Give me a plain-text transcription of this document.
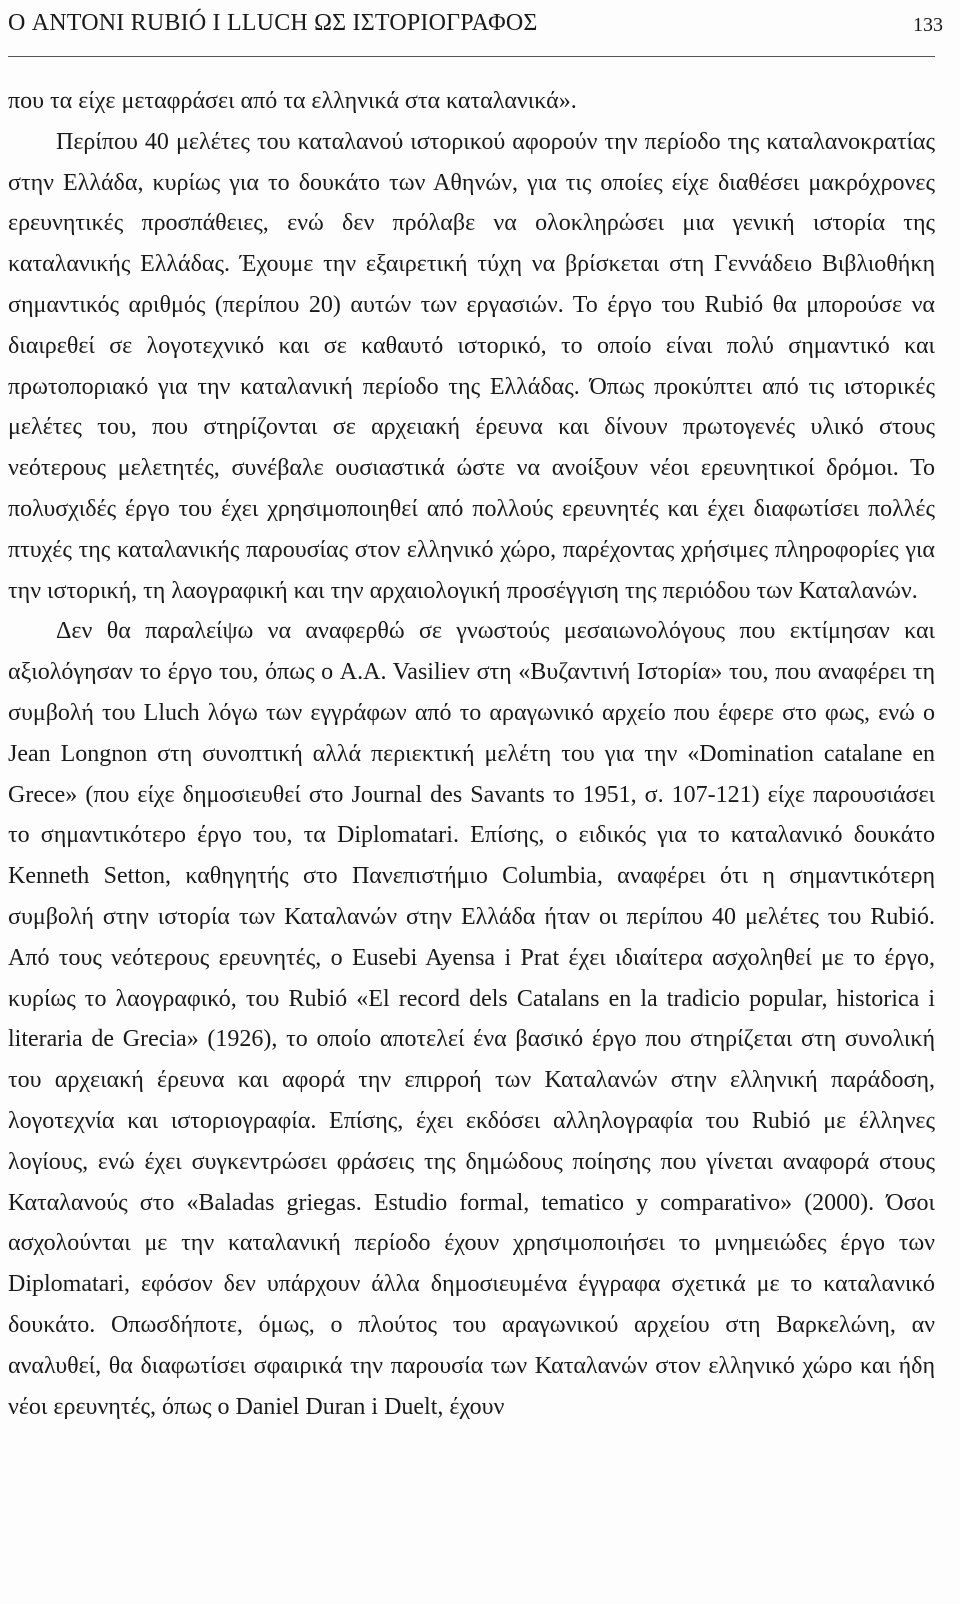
Ο ANTONI RUBIÓ I LLUCH ΩΣ ΙΣΤΟΡΙΟΓΡΑΦΟΣ	133

που τα είχε μεταφράσει από τα ελληνικά στα καταλανικά».

Περίπου 40 μελέτες του καταλανού ιστορικού αφορούν την περίοδο της καταλανοκρατίας στην Ελλάδα, κυρίως για το δουκάτο των Αθηνών, για τις οποίες είχε διαθέσει μακρόχρονες ερευνητικές προσπάθειες, ενώ δεν πρόλαβε να ολοκληρώσει μια γενική ιστορία της καταλανικής Ελλάδας. Έχουμε την εξαιρετική τύχη να βρίσκεται στη Γεννάδειο Βιβλιοθήκη σημαντικός αριθμός (περίπου 20) αυτών των εργασιών. Το έργο του Rubió θα μπορούσε να διαιρεθεί σε λογοτεχνικό και σε καθαυτό ιστορικό, το οποίο είναι πολύ σημαντικό και πρωτοποριακό για την καταλανική περίοδο της Ελλάδας. Όπως προκύπτει από τις ιστορικές μελέτες του, που στηρίζονται σε αρχειακή έρευνα και δίνουν πρωτογενές υλικό στους νεότερους μελετητές, συνέβαλε ουσιαστικά ώστε να ανοίξουν νέοι ερευνητικοί δρόμοι. Το πολυσχιδές έργο του έχει χρησιμοποιηθεί από πολλούς ερευνητές και έχει διαφωτίσει πολλές πτυχές της καταλανικής παρουσίας στον ελληνικό χώρο, παρέχοντας χρήσιμες πληροφορίες για την ιστορική, τη λαογραφική και την αρχαιολογική προσέγγιση της περιόδου των Καταλανών.

Δεν θα παραλείψω να αναφερθώ σε γνωστούς μεσαιωνολόγους που εκτίμησαν και αξιολόγησαν το έργο του, όπως ο A.A. Vasiliev στη «Βυζαντινή Ιστορία» του, που αναφέρει τη συμβολή του Lluch λόγω των εγγράφων από το αραγωνικό αρχείο που έφερε στο φως, ενώ ο Jean Longnon στη συνοπτική αλλά περιεκτική μελέτη του για την «Domination catalane en Grece» (που είχε δημοσιευθεί στο Journal des Savants το 1951, σ. 107-121) είχε παρουσιάσει το σημαντικότερο έργο του, τα Diplomatari. Επίσης, ο ειδικός για το καταλανικό δουκάτο Kenneth Setton, καθηγητής στο Πανεπιστήμιο Columbia, αναφέρει ότι η σημαντικότερη συμβολή στην ιστορία των Καταλανών στην Ελλάδα ήταν οι περίπου 40 μελέτες του Rubió. Από τους νεότερους ερευνητές, ο Eusebi Ayensa i Prat έχει ιδιαίτερα ασχοληθεί με το έργο, κυρίως το λαογραφικό, του Rubió «El record dels Catalans en la tradicio popular, historica i literaria de Grecia» (1926), το οποίο αποτελεί ένα βασικό έργο που στηρίζεται στη συνολική του αρχειακή έρευνα και αφορά την επιρροή των Καταλανών στην ελληνική παράδοση, λογοτεχνία και ιστοριογραφία. Επίσης, έχει εκδόσει αλληλογραφία του Rubió με έλληνες λογίους, ενώ έχει συγκεντρώσει φράσεις της δημώδους ποίησης που γίνεται αναφορά στους Καταλανούς στο «Baladas griegas. Estudio formal, tematico y comparativo» (2000). Όσοι ασχολούνται με την καταλανική περίοδο έχουν χρησιμοποιήσει το μνημειώδες έργο των Diplomatari, εφόσον δεν υπάρχουν άλλα δημοσιευμένα έγγραφα σχετικά με το καταλανικό δουκάτο. Οπωσδήποτε, όμως, ο πλούτος του αραγωνικού αρχείου στη Βαρκελώνη, αν αναλυθεί, θα διαφωτίσει σφαιρικά την παρουσία των Καταλανών στον ελληνικό χώρο και ήδη νέοι ερευνητές, όπως ο Daniel Duran i Duelt, έχουν
